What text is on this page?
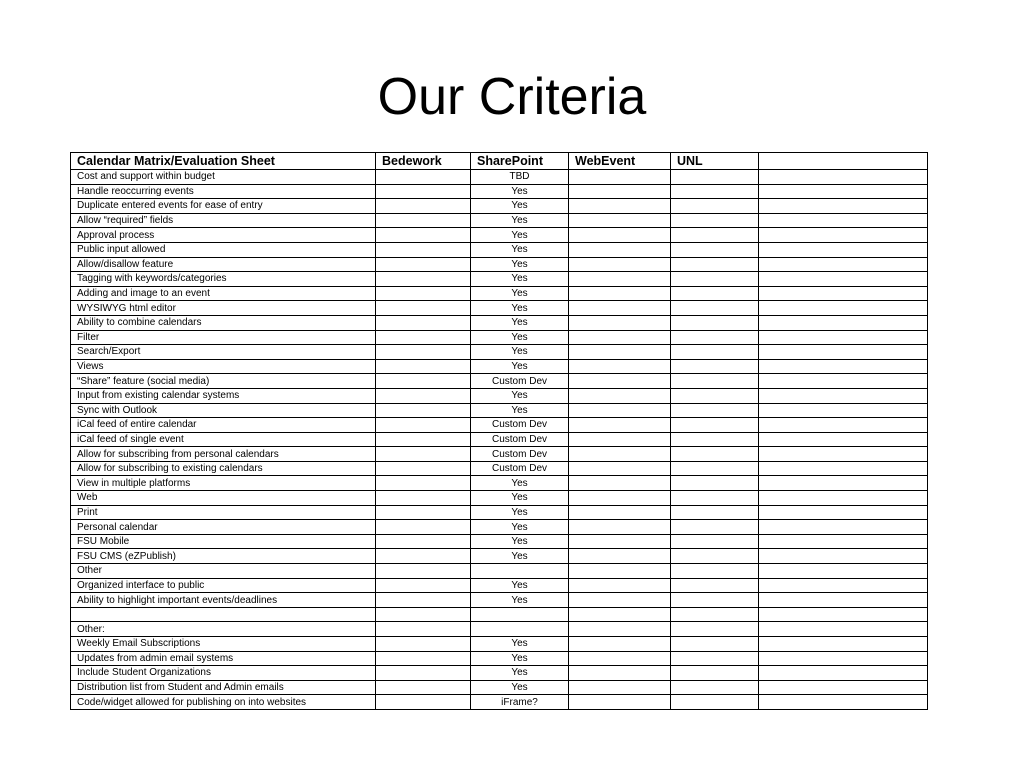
Our Criteria
Calendar Matrix/Evaluation Sheet	Bedework	SharePoint	WebEvent	UNL	
Cost and support within budget		TBD			
Handle reoccurring events		Yes			
Duplicate entered events for ease of entry		Yes			
Allow “required” fields		Yes			
Approval process		Yes			
Public input allowed		Yes			
Allow/disallow feature		Yes			
Tagging with keywords/categories		Yes			
Adding and image to an event		Yes			
WYSIWYG html editor		Yes			
Ability to combine calendars		Yes			
Filter		Yes			
Search/Export		Yes			
Views		Yes			
“Share” feature (social media)		Custom Dev			
Input from existing calendar systems		Yes			
Sync with Outlook		Yes			
iCal feed of entire calendar		Custom Dev			
iCal feed of single event		Custom Dev			
Allow for subscribing from personal calendars		Custom Dev			
Allow for subscribing to existing calendars		Custom Dev			
View in multiple platforms		Yes			
Web		Yes			
Print		Yes			
Personal calendar		Yes			
FSU Mobile		Yes			
FSU CMS (eZPublish)		Yes			
Other					
Organized interface to public		Yes			
Ability to highlight important events/deadlines		Yes			

Other:					
Weekly Email Subscriptions		Yes			
Updates from admin email systems		Yes			
Include Student Organizations		Yes			
Distribution list from Student and Admin emails		Yes			
Code/widget allowed for publishing on into websites		iFrame?			
